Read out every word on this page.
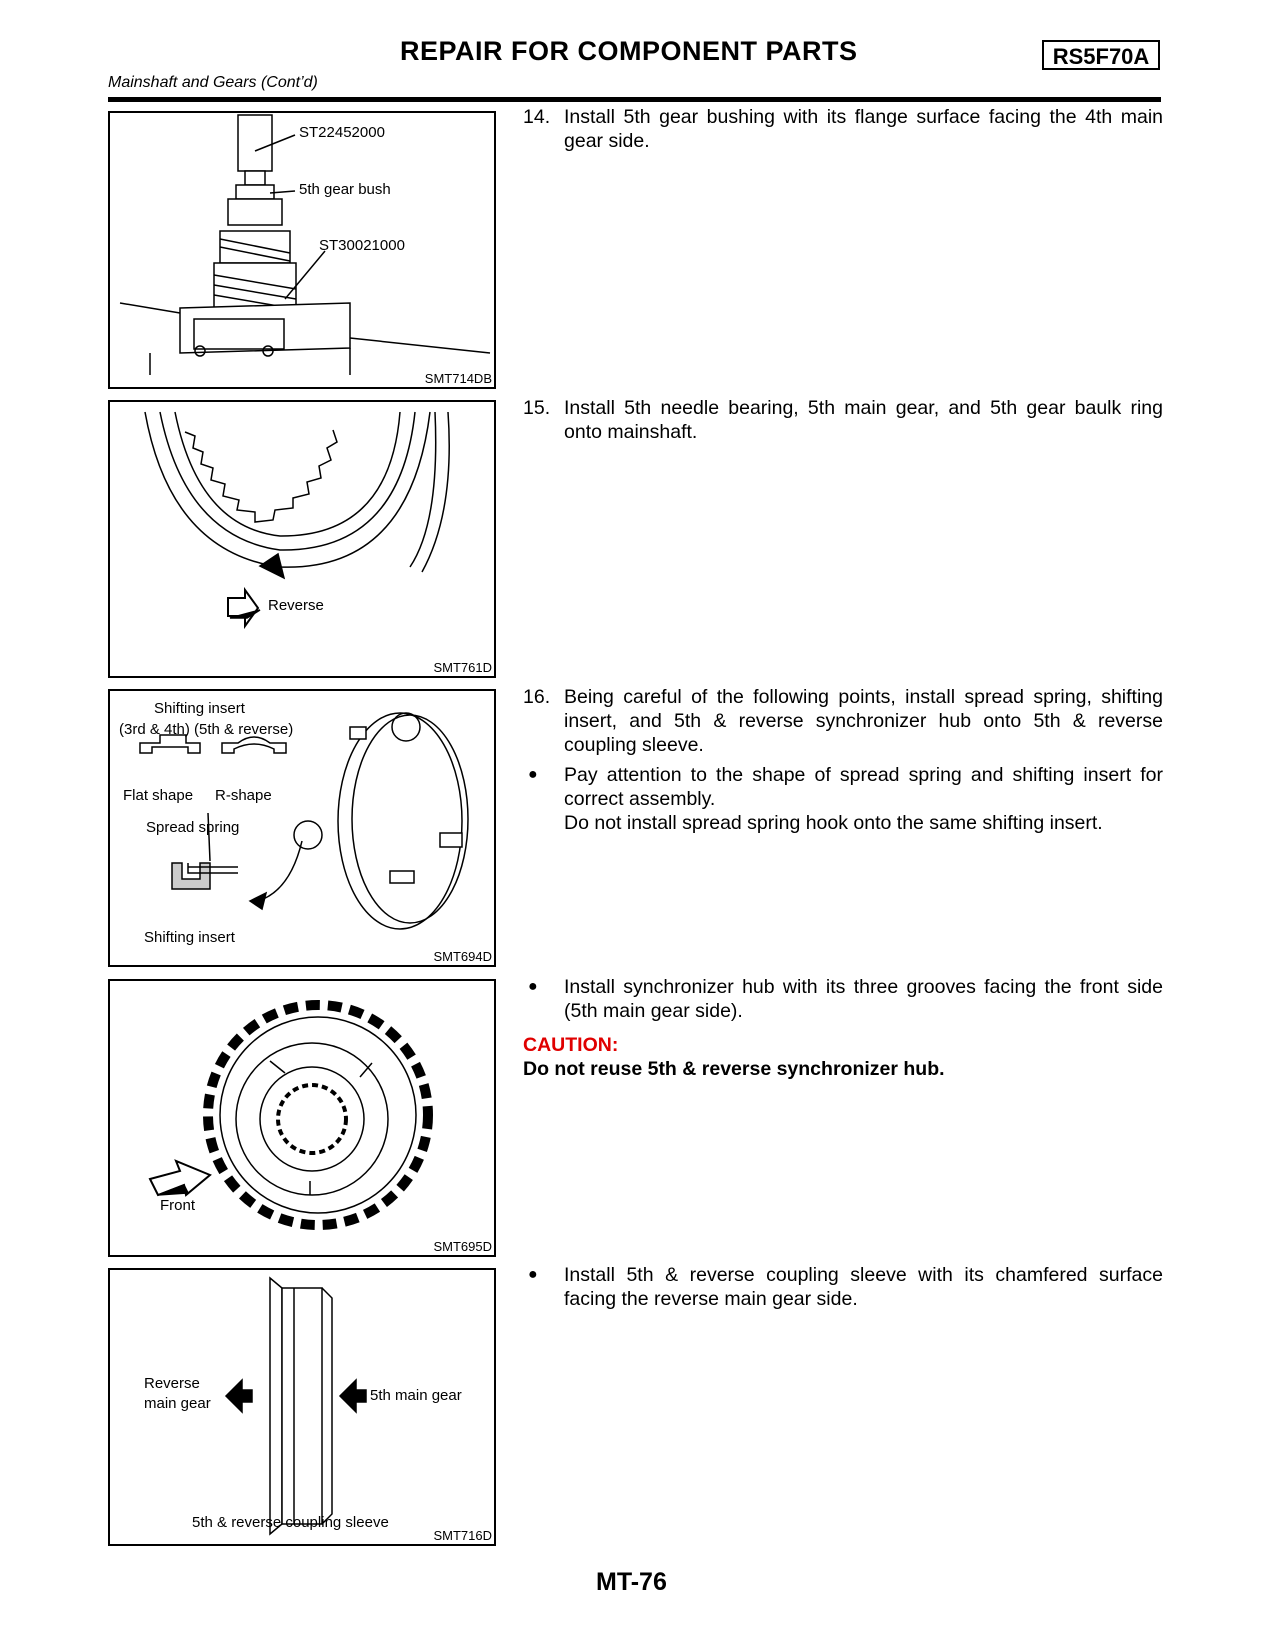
REPAIR FOR COMPONENT PARTS	RS5F70A
Mainshaft and Gears (Cont’d)
ST22452000
5th gear bush
ST30021000
SMT714DB
Reverse
SMT761D
Shifting insert
(3rd & 4th) (5th & reverse)
Flat shape R-shape
Spread spring
Shifting insert
SMT694D
Front
SMT695D
Reverse
main gear	5th main gear
5th & reverse coupling sleeve
SMT716D
14. Install 5th gear bushing with its flange surface facing the 4th main gear side.
15. Install 5th needle bearing, 5th main gear, and 5th gear baulk ring onto mainshaft.
16. Being careful of the following points, install spread spring, shifting insert, and 5th & reverse synchronizer hub onto 5th & reverse coupling sleeve.
● Pay attention to the shape of spread spring and shifting insert for correct assembly.
Do not install spread spring hook onto the same shifting insert.
● Install synchronizer hub with its three grooves facing the front side (5th main gear side).
CAUTION:
Do not reuse 5th & reverse synchronizer hub.
● Install 5th & reverse coupling sleeve with its chamfered surface facing the reverse main gear side.
MT-76
